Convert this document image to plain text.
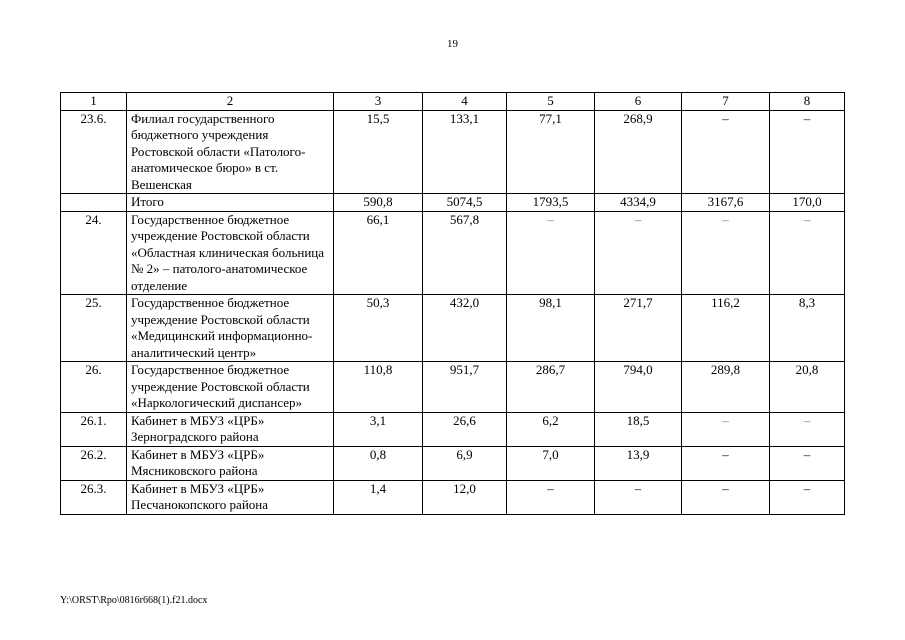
19
1	2	3	4	5	6	7	8
23.6.	Филиал государственного бюджетного учреждения Ростовской области «Патолого-анатомическое бюро» в ст. Вешенская	15,5	133,1	77,1	268,9	–	–
	Итого	590,8	5074,5	1793,5	4334,9	3167,6	170,0
24.	Государственное бюджетное учреждение Ростовской области «Областная клиническая больница № 2» – патолого-анатомическое отделение	66,1	567,8	–	–	–	–
25.	Государственное бюджетное учреждение Ростовской области «Медицинский информационно-аналитический центр»	50,3	432,0	98,1	271,7	116,2	8,3
26.	Государственное бюджетное учреждение Ростовской области «Наркологический диспансер»	110,8	951,7	286,7	794,0	289,8	20,8
26.1.	Кабинет в МБУЗ «ЦРБ» Зерноградского района	3,1	26,6	6,2	18,5	–	–
26.2.	Кабинет в МБУЗ «ЦРБ» Мясниковского района	0,8	6,9	7,0	13,9	–	–
26.3.	Кабинет в МБУЗ «ЦРБ» Песчанокопского района	1,4	12,0	–	–	–	–
Y:\ORST\Rpo\0816r668(1).f21.docx
